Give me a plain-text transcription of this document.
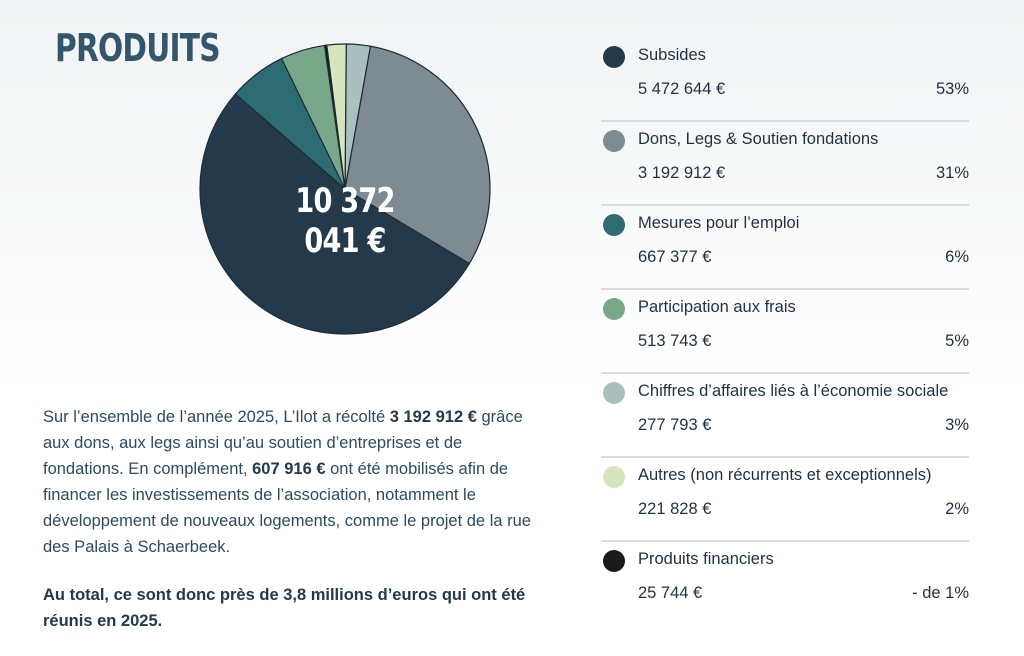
PRODUITS
10 372 041 €

Sur l’ensemble de l’année 2025, L’Ilot a récolté 3 192 912 € grâce aux dons, aux legs ainsi qu’au soutien d’entreprises et de fondations. En complément, 607 916 € ont été mobilisés afin de financer les investissements de l’association, notamment le développement de nouveaux logements, comme le projet de la rue des Palais à Schaerbeek.

Au total, ce sont donc près de 3,8 millions d’euros qui ont été réunis en 2025.

Subsides
5 472 644 €	53%
Dons, Legs & Soutien fondations
3 192 912 €	31%
Mesures pour l’emploi
667 377 €	6%
Participation aux frais
513 743 €	5%
Chiffres d’affaires liés à l’économie sociale
277 793 €	3%
Autres (non récurrents et exceptionnels)
221 828 €	2%
Produits financiers
25 744 €	- de 1%
